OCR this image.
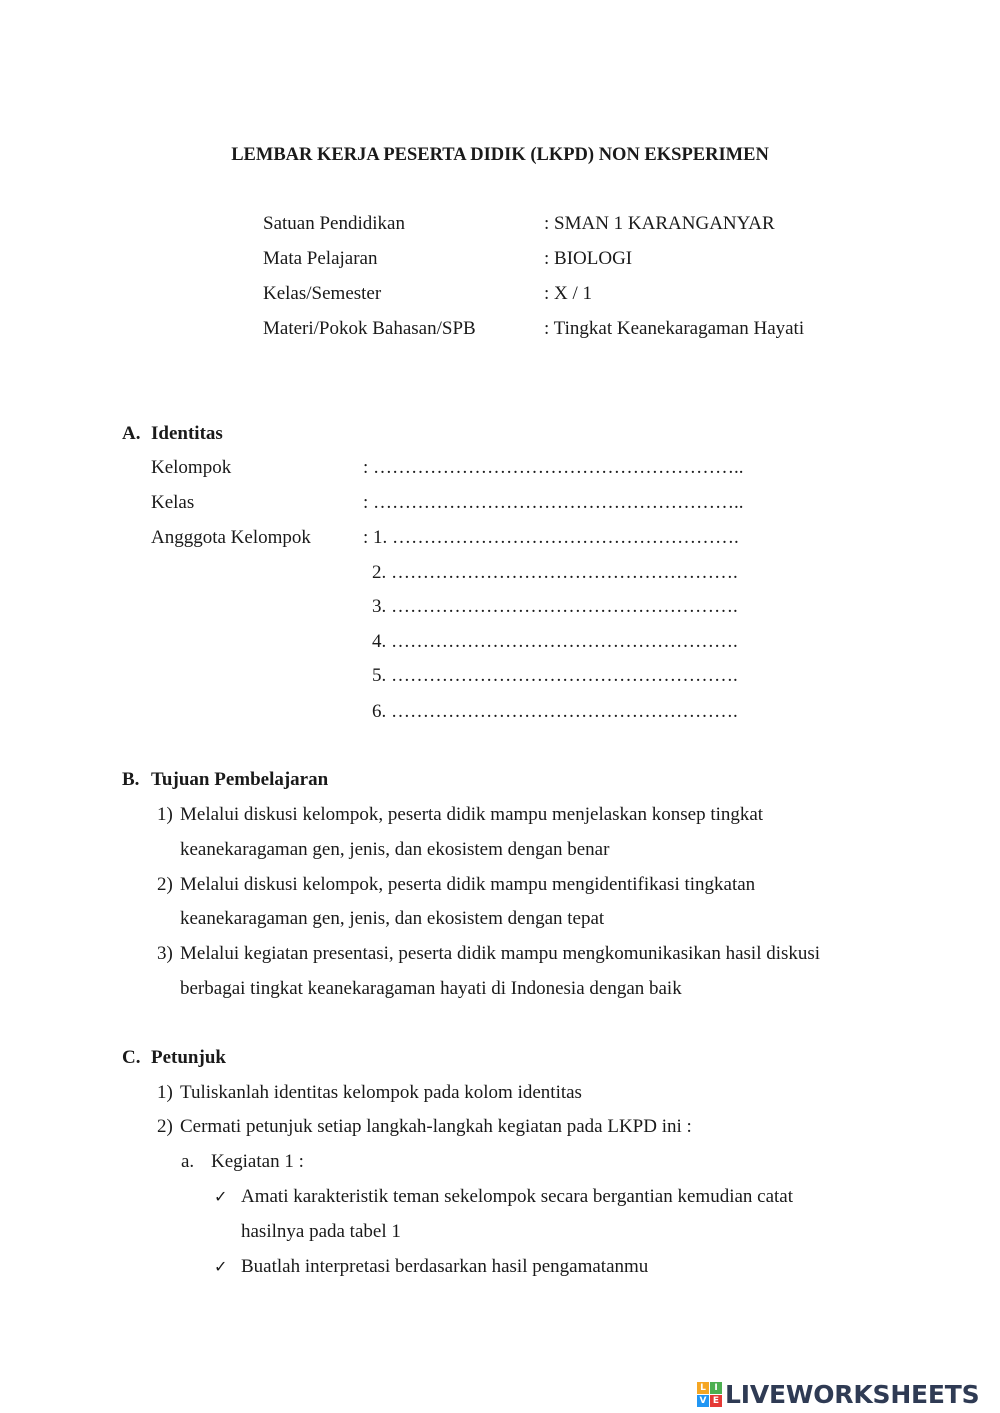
LEMBAR KERJA PESERTA DIDIK (LKPD) NON EKSPERIMEN
Satuan Pendidikan	: SMAN 1 KARANGANYAR
Mata Pelajaran	: BIOLOGI
Kelas/Semester	: X / 1
Materi/Pokok Bahasan/SPB	: Tingkat Keanekaragaman Hayati
A. Identitas
Kelompok	: …………………………………………………..
Kelas	: …………………………………………………..
Angggota Kelompok	: 1. ……………………………………………….
2. ……………………………………………….
3. ……………………………………………….
4. ……………………………………………….
5. ……………………………………………….
6. ……………………………………………….
B. Tujuan Pembelajaran
1) Melalui diskusi kelompok, peserta didik mampu menjelaskan konsep tingkat
keanekaragaman gen, jenis, dan ekosistem dengan benar
2) Melalui diskusi kelompok, peserta didik mampu mengidentifikasi tingkatan
keanekaragaman gen, jenis, dan ekosistem dengan tepat
3) Melalui kegiatan presentasi, peserta didik mampu mengkomunikasikan hasil diskusi
berbagai tingkat keanekaragaman hayati di Indonesia dengan baik
C. Petunjuk
1) Tuliskanlah identitas kelompok pada kolom identitas
2) Cermati petunjuk setiap langkah-langkah kegiatan pada LKPD ini :
a. Kegiatan 1 :
✓ Amati karakteristik teman sekelompok secara bergantian kemudian catat
hasilnya pada tabel 1
✓ Buatlah interpretasi berdasarkan hasil pengamatanmu
L I
V E LIVEWORKSHEETS
